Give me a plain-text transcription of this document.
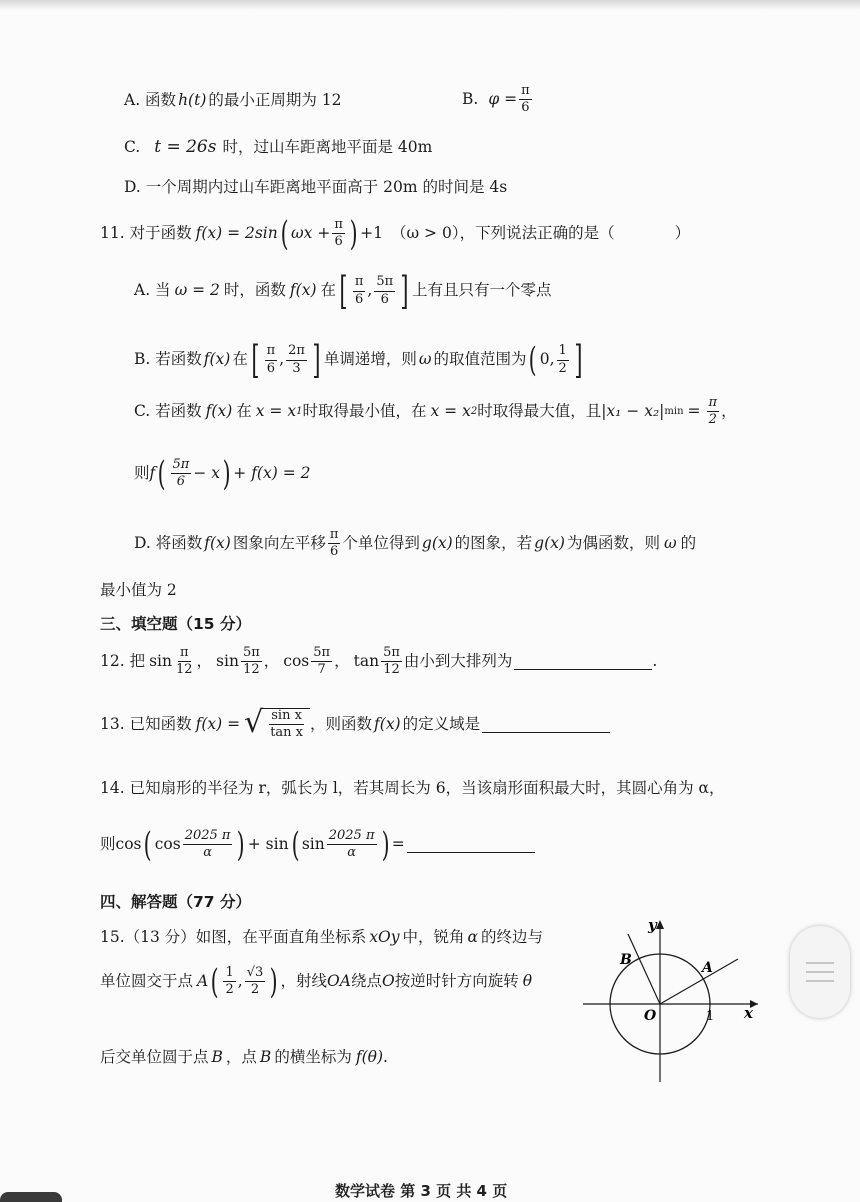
A. 函数 h(t) 的最小正周期为 12	B. $\varphi = \frac{\pi}{6}$
C. t = 26s 时，过山车距离地平面是 40m
D. 一个周期内过山车距离地平面高于 20m 的时间是 4s
11. 对于函数 f(x) = 2sin ( $\omega x + \frac{\pi}{6}$ ) +1 （ω > 0），下列说法正确的是（	）
A. 当 ω = 2 时，函数 f(x) 在 [ $\frac{\pi}{6}$ , $\frac{5\pi}{6}$ ] 上有且只有一个零点
B. 若函数 f(x) 在 [ $\frac{\pi}{6}$ , $\frac{2\pi}{3}$ ] 单调递增，则 ω 的取值范围为 ( 0, $\frac{1}{2}$ ]
C. 若函数 f(x) 在 x = x 1 时取得最小值，在 x = x 2 时取得最大值，且 |x₁ − x₂| $\min = \frac{\pi}{2}$ ，
则 f ( $\frac{5\pi}{6} - x$ ) + f(x) = 2
D. 将函数 f(x) 图象向左平移 $\frac{\pi}{6}$ 个单位得到 g(x) 的图象，若 g(x) 为偶函数，则 ω 的
最小值为 2
三、填空题（15 分）
12. 把 $\sin \frac{\pi}{12}$ ， $\sin \frac{5\pi}{12}$ ， $\cos \frac{5\pi}{7}$ ， $\tan \frac{5\pi}{12}$ 由小到大排列为	.
13. 已知函数 f(x) = √ $\frac{\text{sin x}}{\text{tan x}}$ ，则函数 f(x) 的定义域是
14. 已知扇形的半径为 r，弧长为 l，若其周长为 6，当该扇形面积最大时，其圆心角为 α，
则 cos ( $\cos \frac{2025 \pi}{\alpha}$ ) + sin ( $\sin \frac{2025 \pi}{\alpha}$ ) =
四、解答题（77 分）
15.（13 分）如图，在平面直角坐标系 xOy 中，锐角 α 的终边与
单位圆交于点 A ( $\frac{1}{2}$ , $\frac{√3}{2}$ ) ，射线 OA 绕点 O 按逆时针方向旋转 θ
后交单位圆于点 B ，点 B 的横坐标为 f(θ) .
y
x
O	1
A
B
数学试卷 第 3 页 共 4 页
